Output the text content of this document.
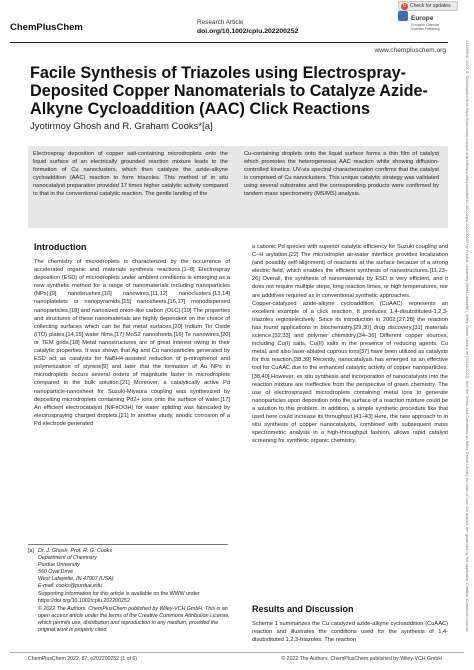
ChemPlusChem	Research Article
doi.org/10.1002/cplu.202200252
Europe
European Chemical Societies Publishing
↻ Check for updates
www.chempluschem.org
Facile Synthesis of Triazoles using Electrospray-Deposited Copper Nanomaterials to Catalyze Azide-Alkyne Cycloaddition (AAC) Click Reactions
Jyotirmoy Ghosh and R. Graham Cooks*[a]
Electrospray deposition of copper salt-containing microdroplets onto the liquid surface of an electrically grounded reaction mixture leads to the formation of Cu nanoclusters, which then catalyze the azide-alkyne cycloaddition (AAC) reaction to form triazoles. This method of in situ nanocatalyst preparation provided 17 times higher catalytic activity compared to that in the conventional catalytic reaction. The gentle landing of the
Cu-containing droplets onto the liquid surface forms a thin film of catalyst which promotes the heterogeneous AAC reaction while showing diffusion-controlled kinetics. UV-vis spectral characterization confirms that the catalyst is comprised of Cu nanoclusters. This unique catalytic strategy was validated using several substrates and the corresponding products were confirmed by tandem mass spectrometry (MS/MS) analysis.
Introduction
The chemistry of microdroplets is characterized by the occurrence of accelerated organic and materials synthesis reactions.[1–8] Electrospray deposition (ESD) of microdroplets under ambient conditions is emerging as a new synthetic method for a range of nanomaterials including nanoparticles (NPs),[9] nanobrushes,[10] nanowires,[11,12] nanoclusters,[13,14] nanoplatelets or nanopyramids,[15] nanosheets,[16,17] monodispersed nanoparticles,[18] and nanosized onion-like carbon (OLC).[19] The properties and structures of these nanomaterials are highly dependent on the choice of collecting surfaces which can be flat metal surfaces,[20] Indium Tin Oxide (ITO) plates,[14,15] water films,[17] MoS2 nanosheets,[16] Te nanowires,[20] or TEM grids.[18] Metal nanostructures are of great interest owing to their catalytic properties. It was shown that Ag and Cu nanoparticles generated by ESD act as catalysts for NaBH4-assisted reduction of p-nitrophenol and polymerization of styrene[9] and later that the formation of Au NPs in microdroplets occurs several orders of magnitude faster in microdroplets compared to the bulk solution.[21] Moreover, a catalytically active Pd nanoparticle-nanosheet for Suzuki-Miyaura coupling was synthesized by depositing microdroplets containing Pd2+ ions onto the surface of water.[17] An efficient electrocatalyst (NiFeOOH) for water splitting was fabricated by electrospraying charged droplets.[21] In another study, anodic corrosion of a Pd electrode generated
a cationic Pd species with superior catalytic efficiency for Suzuki coupling and C–H arylation.[22] The microdroplet air-water interface provides localization (and possibly self-alignment) of reactants at the surface because of a strong electric field, which enables the efficient synthesis of nanostructures.[11,23–26] Overall, the synthesis of nanomaterials by ESD is very efficient, and it does not require multiple steps, long reaction times, or high temperatures, nor are additives required as in conventional synthetic approaches.
Copper-catalyzed azide-alkyne cycloaddition (CuAAC) represents an excellent example of a click reaction. It produces 1,4-disubstituted-1,2,3-triazoles regioselectively. Since its introduction in 2002,[27,28] the reaction has found applications in biochemistry,[29,30] drug discovery,[31] materials science,[32,33] and polymer chemistry.[34–36] Different copper sources, including Cu(I) salts, Cu(II) salts in the presence of reducing agents, Cu metal, and also laser-ablated cuprous ions[37] have been utilized as catalysts for this reaction.[38,39] Recently, nanocatalysis has emerged as an effective tool for CuAAC due to the enhanced catalytic activity of copper nanoparticles.[38,40] However, ex situ synthesis and incorporation of nanocatalysts into the reaction mixture are ineffective from the perspective of green chemistry. The use of electrosprayed microdroplets containing metal ions to generate nanoparticles upon deposition onto the surface of a reaction mixture could be a solution to this problem. In addition, a simple synthetic procedure like that used here could increase its throughput.[41–43] Here, the new approach to in situ synthesis of copper nanocatalysts, combined with subsequent mass spectrometric analysis in a high-throughput fashion, allows rapid catalyst screening for synthetic organic chemistry.
Results and Discussion
Scheme 1 summarizes the Cu catalyzed azide-alkyne cycloaddition (CuAAC) reaction and illustrates the conditions used for the synthesis of 1,4-disubstituted 1,2,3-triazoles. The reaction
[a] Dr. J. Ghosh, Prof. R. G. Cooks
Department of Chemistry
Purdue University
560 Oval Drive
West Lafayette, IN 47907 (USA)
E-mail: cooks@purdue.edu
Supporting information for this article is available on the WWW under https://doi.org/10.1002/cplu.202200252
© 2022 The Authors. ChemPlusChem published by Wiley-VCH GmbH. This is an open access article under the terms of the Creative Commons Attribution License, which permits use, distribution and reproduction in any medium, provided the original work is properly cited.
ChemPlusChem 2022, 87, e202200252 (1 of 6)	© 2022 The Authors. ChemPlusChem published by Wiley-VCH GmbH
21926506, 2022, 8, Downloaded from https://chemistry-europe.onlinelibrary.wiley.com/doi/10.1002/cplu.202200252 by Purdue University (West Lafayette), Wiley Online Library on [03/11/2022]. See the Terms and Conditions on Wiley Online Library for rules of use; OA articles are governed by the applicable Creative Commons License
